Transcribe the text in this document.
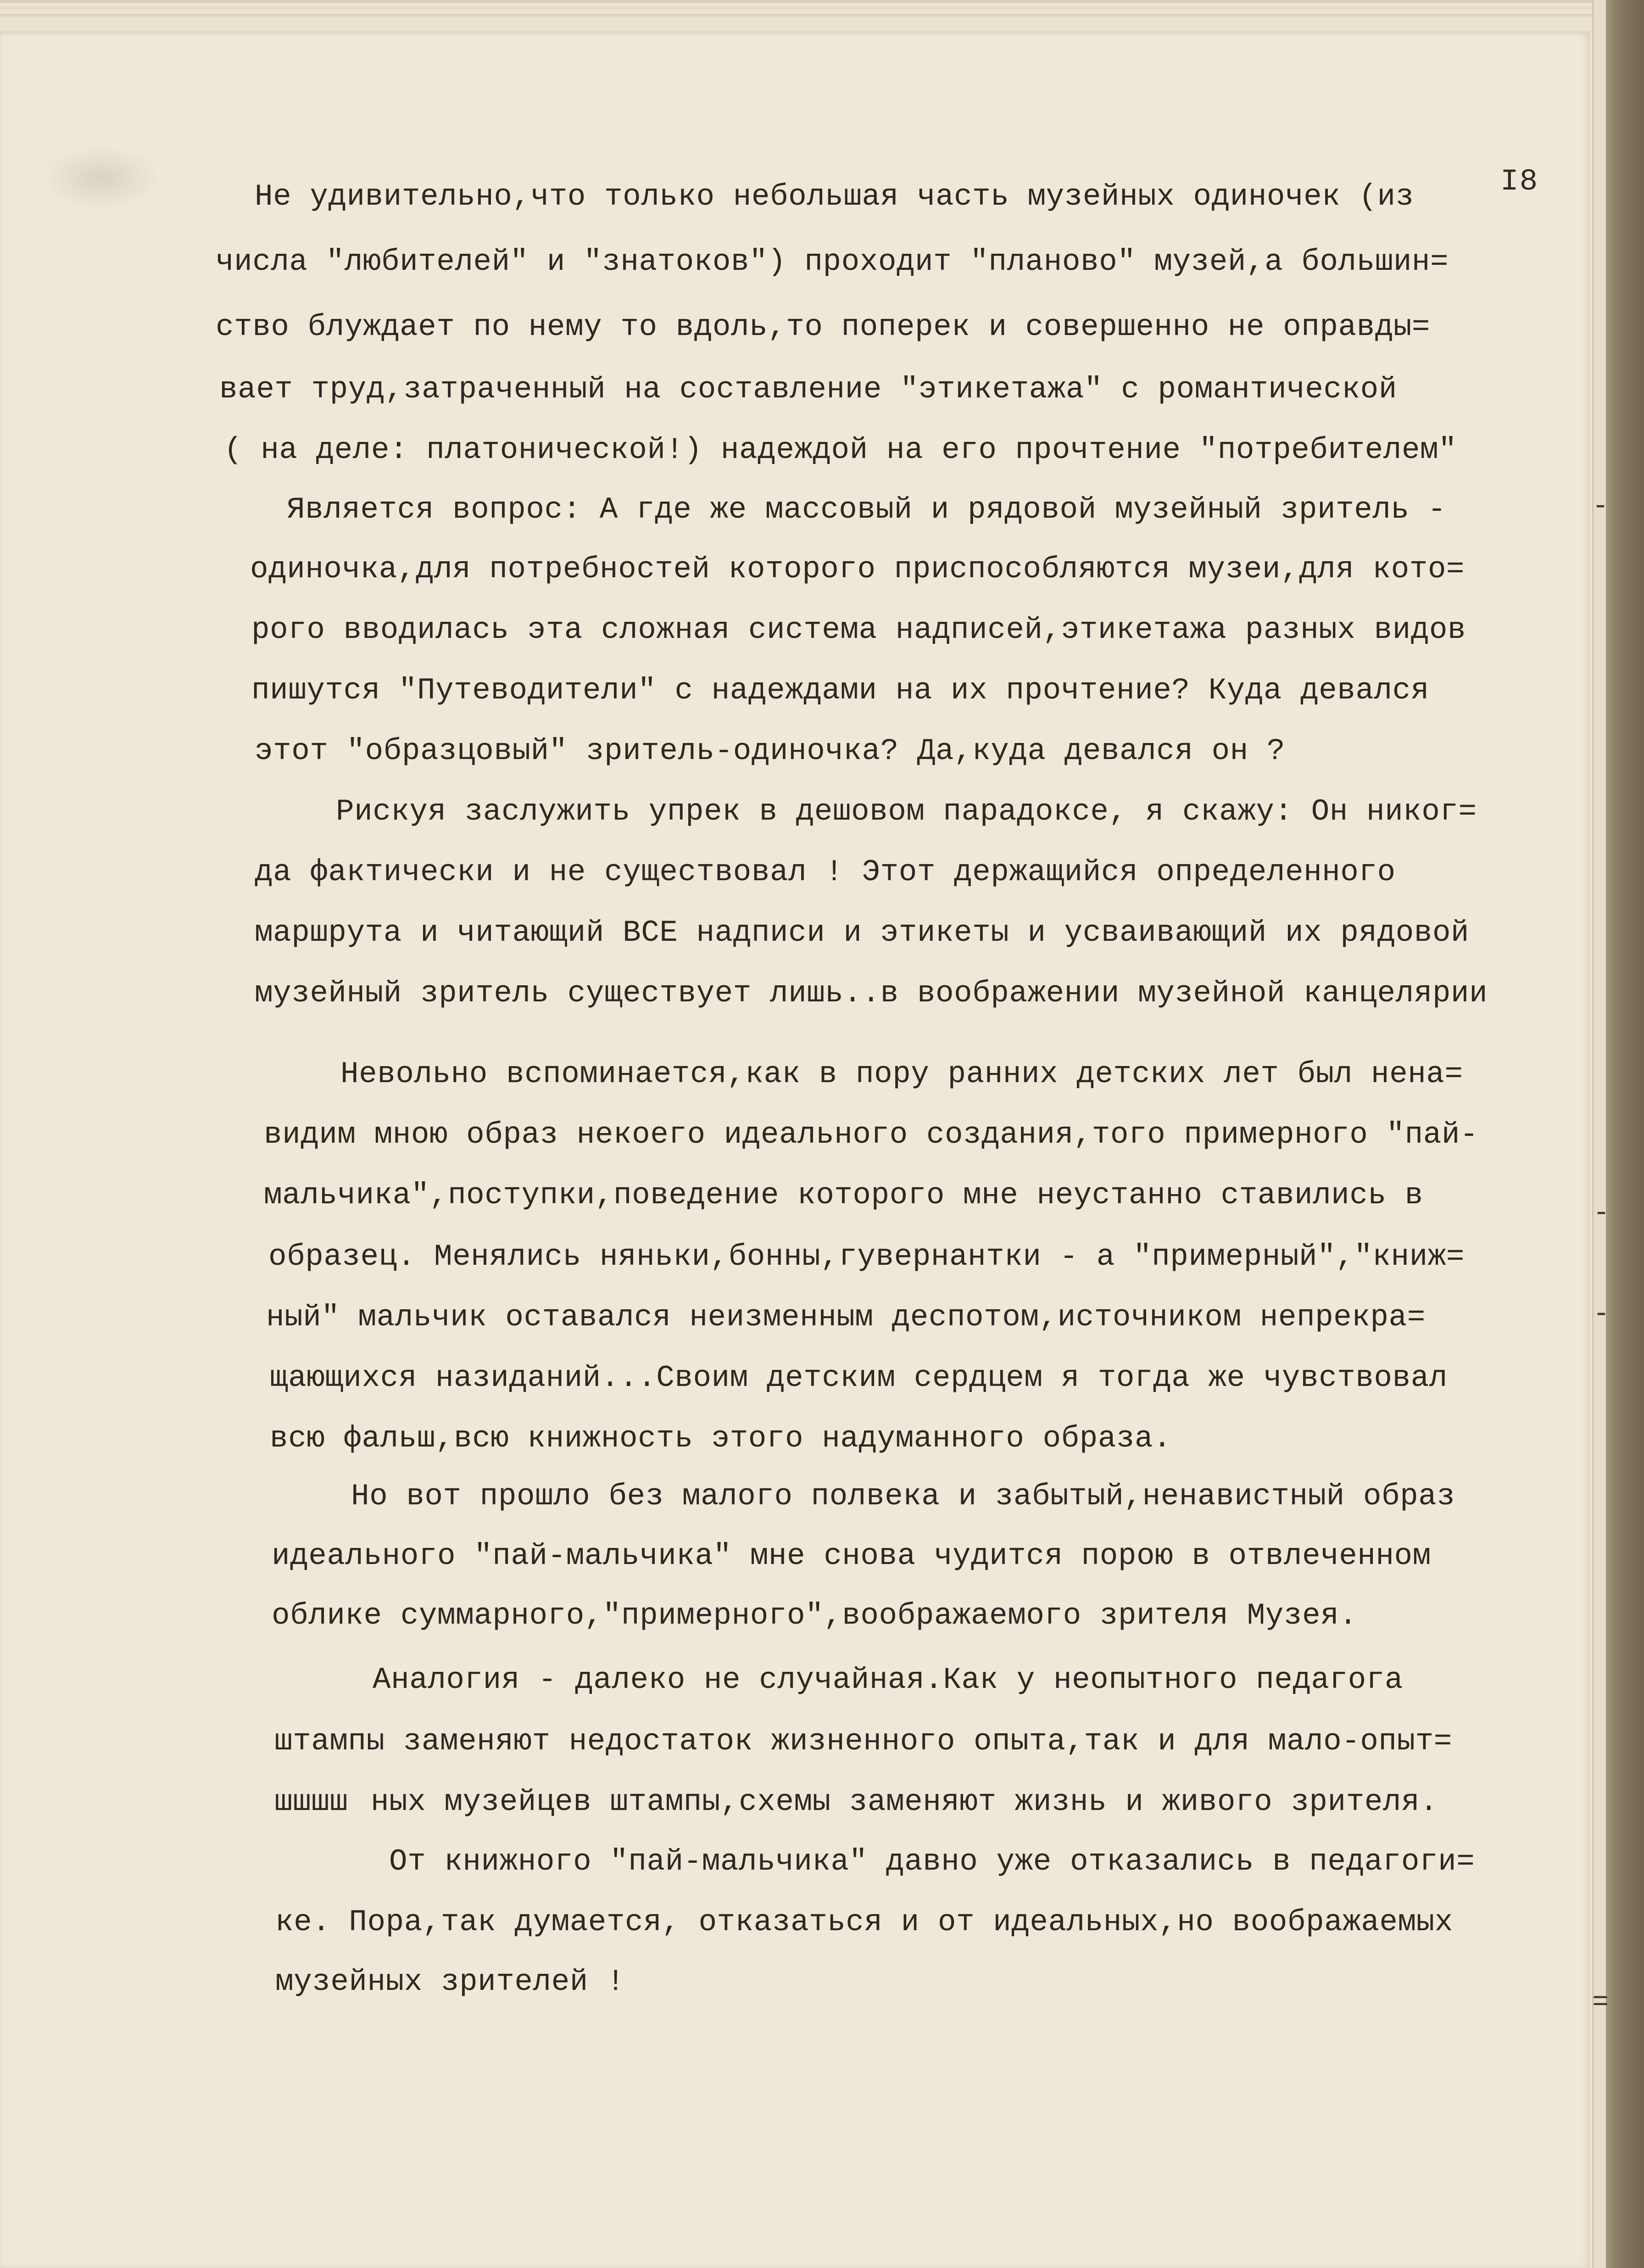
I8
Не удивительно,что только небольшая часть музейных одиночек (из
числа "любителей" и "знатоков") проходит "планово" музей,а большин=
ство блуждает по нему то вдоль,то поперек и совершенно не оправды=
вает труд,затраченный на составление "этикетажа" с романтической
( на деле: платонической!) надеждой на его прочтение "потребителем"
Является вопрос: А где же массовый и рядовой музейный зритель -
одиночка,для потребностей которого приспособляются музеи,для кото=
рого вводилась эта сложная система надписей,этикетажа разных видов
пишутся "Путеводители" с надеждами на их прочтение? Куда девался
этот "образцовый" зритель-одиночка? Да,куда девался он ?
Рискуя заслужить упрек в дешовом парадоксе, я скажу: Он никог=
да фактически и не существовал ! Этот держащийся определенного
маршрута и читающий ВСЕ надписи и этикеты и усваивающий их рядовой
музейный зритель существует лишь..в воображении музейной канцелярии
Невольно вспоминается,как в пору ранних детских лет был нена=
видим мною образ некоего идеального создания,того примерного "пай-
мальчика",поступки,поведение которого мне неустанно ставились в
образец. Менялись няньки,бонны,гувернантки - а "примерный","книж=
ный" мальчик оставался неизменным деспотом,источником непрекра=
щающихся назиданий...Своим детским сердцем я тогда же чувствовал
всю фальш,всю книжность этого надуманного образа.
Но вот прошло без малого полвека и забытый,ненавистный образ
идеального "пай-мальчика" мне снова чудится порою в отвлеченном
облике суммарного,"примерного",воображаемого зрителя Музея.
Аналогия - далеко не случайная.Как у неопытного педагога
штампы заменяют недостаток жизненного опыта,так и для мало-опыт=
шшшш ных музейцев штампы,схемы заменяют жизнь и живого зрителя.
От книжного "пай-мальчика" давно уже отказались в педагоги=
ке. Пора,так думается, отказаться и от идеальных,но воображаемых
музейных зрителей !
-
-
-
=
